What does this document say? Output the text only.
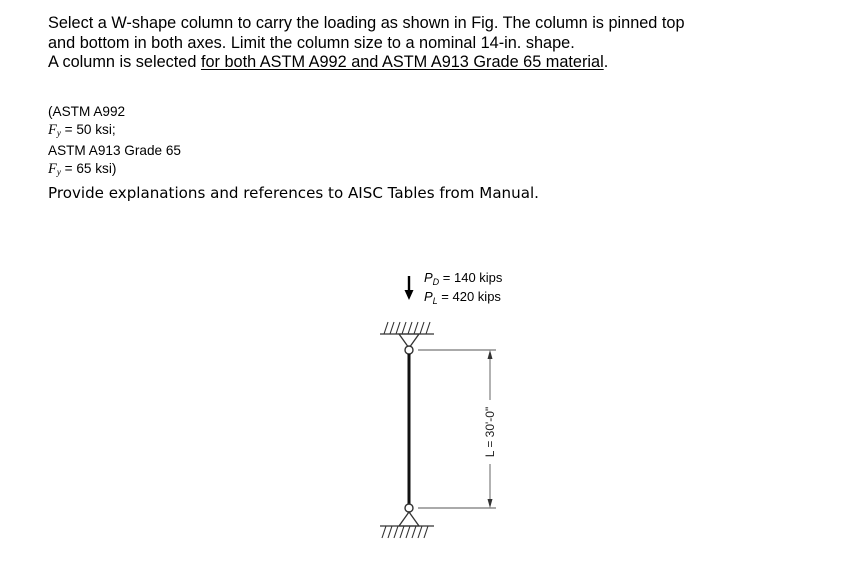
Select a W-shape column to carry the loading as shown in Fig. The column is pinned top

and bottom in both axes. Limit the column size to a nominal 14-in. shape.

A column is selected for both ASTM A992 and ASTM A913 Grade 65 material.

(ASTM A992
$F_y = 50$ ksi;
ASTM A913 Grade 65
$F_y = 65$ ksi)
Provide explanations and references to AISC Tables from Manual.
L = 30'-0"
$P_D = 140$ kips
$P_L = 420$ kips
